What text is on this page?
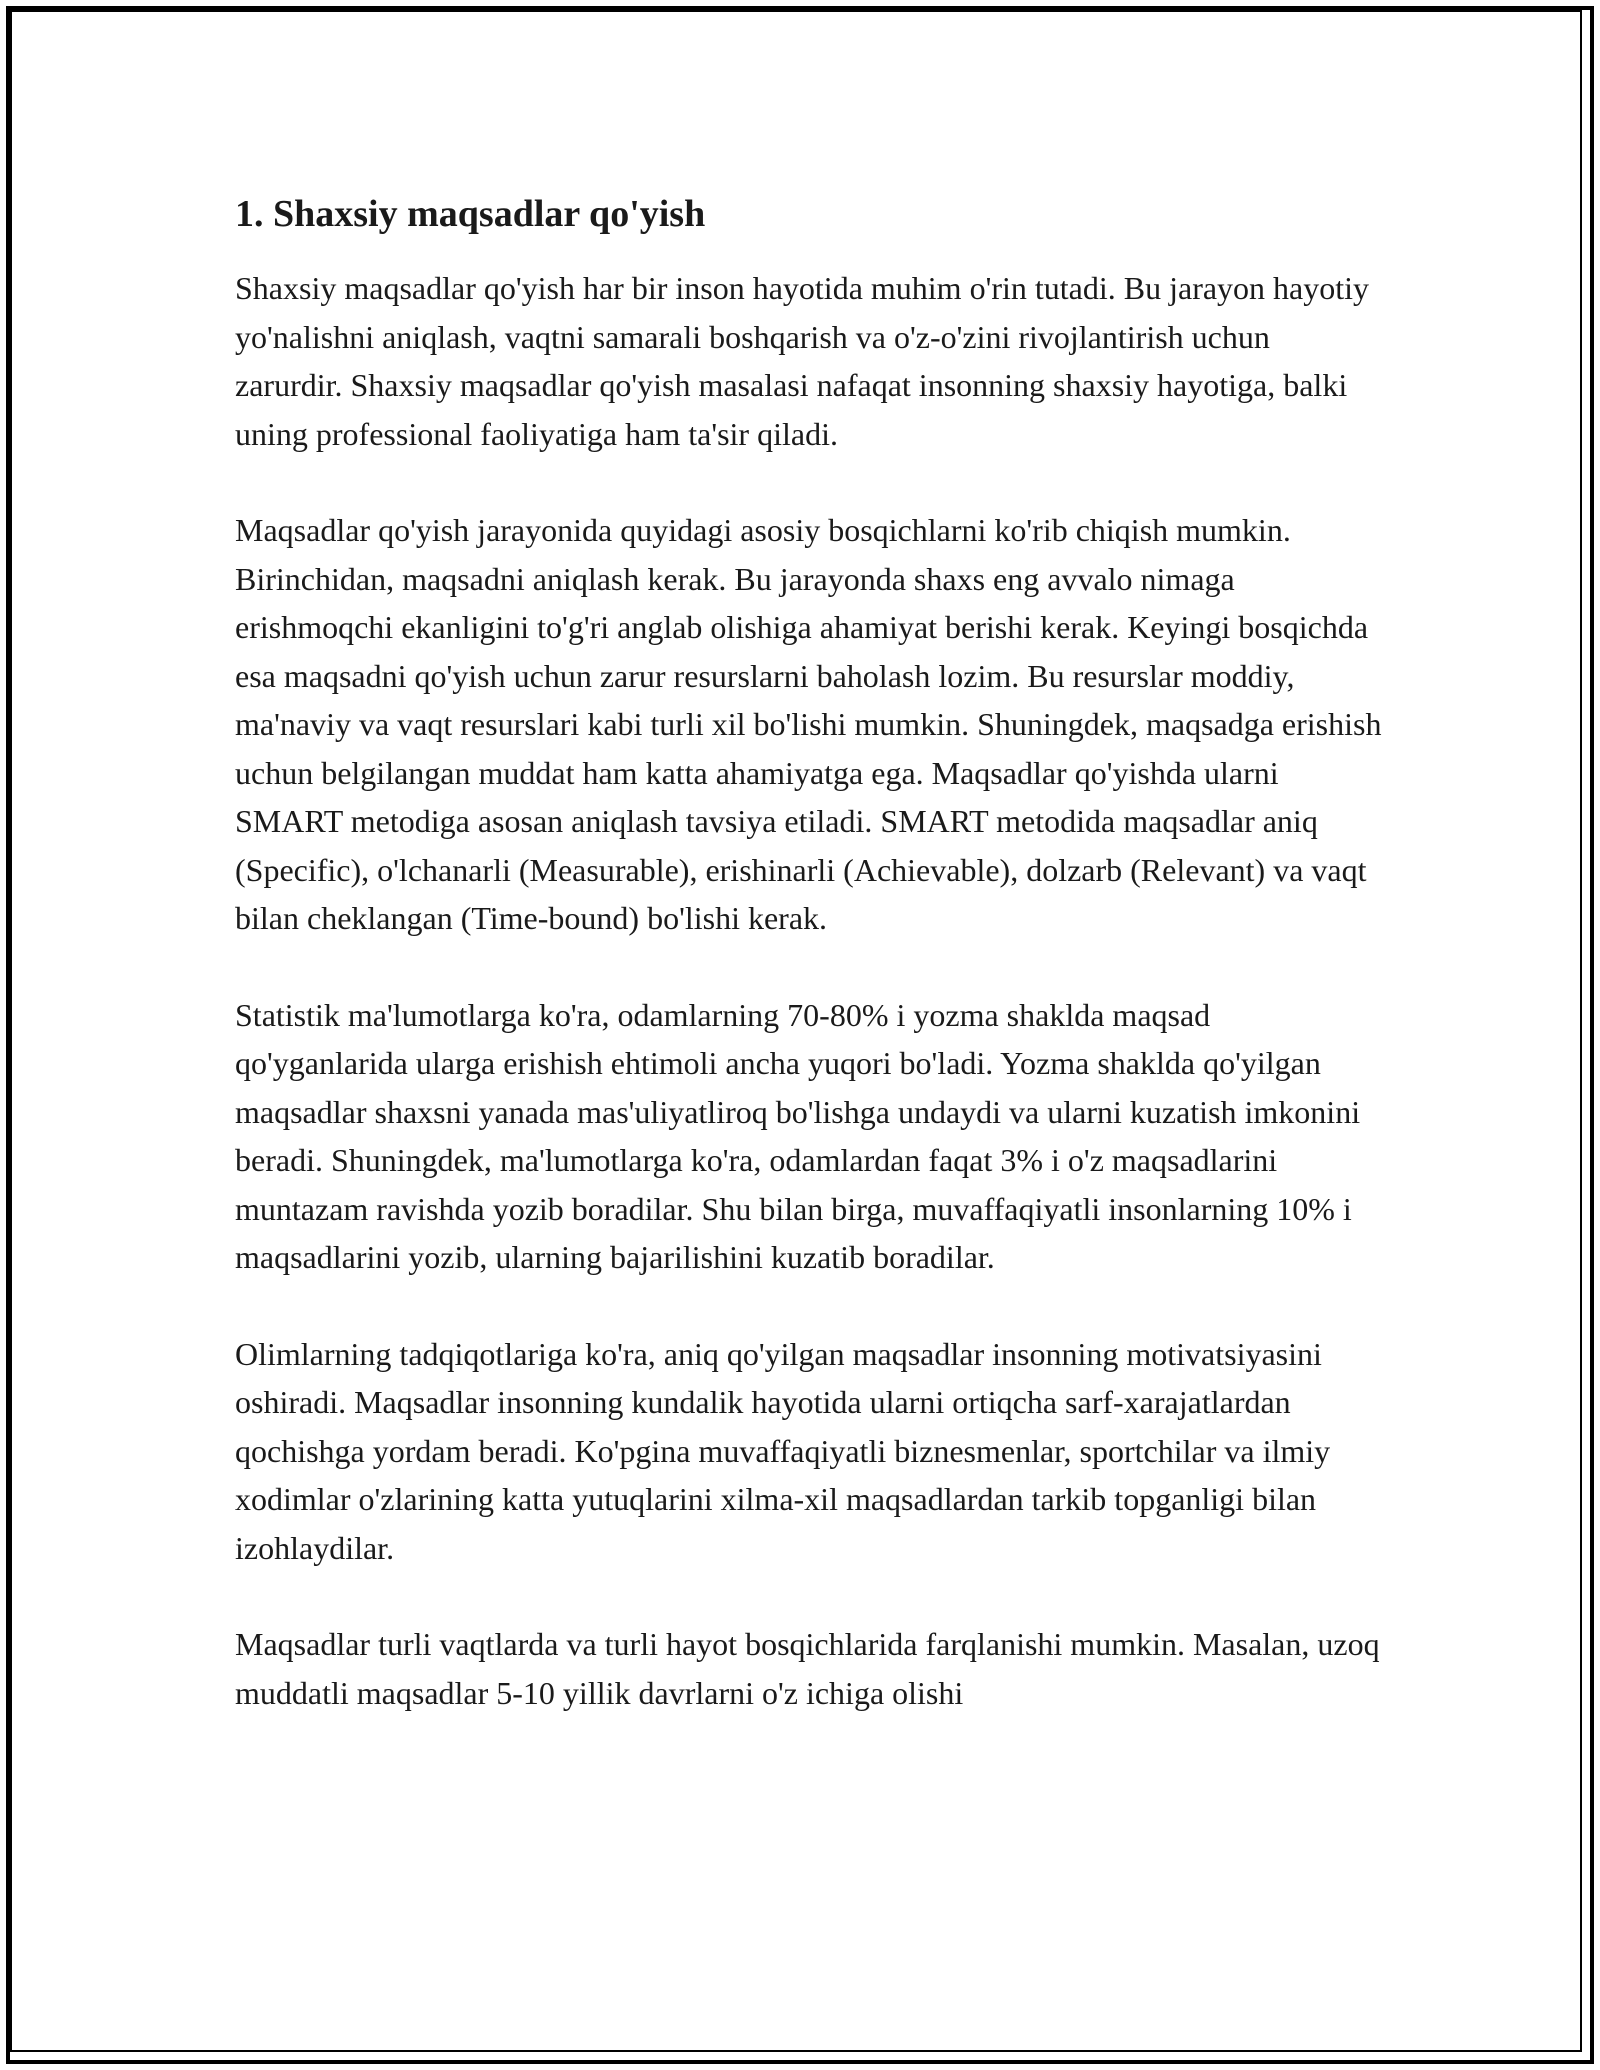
1. Shaxsiy maqsadlar qo'yish

Shaxsiy maqsadlar qo'yish har bir inson hayotida muhim o'rin tutadi. Bu jarayon hayotiy yo'nalishni aniqlash, vaqtni samarali boshqarish va o'z-o'zini rivojlantirish uchun zarurdir. Shaxsiy maqsadlar qo'yish masalasi nafaqat insonning shaxsiy hayotiga, balki uning professional faoliyatiga ham ta'sir qiladi.

Maqsadlar qo'yish jarayonida quyidagi asosiy bosqichlarni ko'rib chiqish mumkin. Birinchidan, maqsadni aniqlash kerak. Bu jarayonda shaxs eng avvalo nimaga erishmoqchi ekanligini to'g'ri anglab olishiga ahamiyat berishi kerak. Keyingi bosqichda esa maqsadni qo'yish uchun zarur resurslarni baholash lozim. Bu resurslar moddiy, ma'naviy va vaqt resurslari kabi turli xil bo'lishi mumkin. Shuningdek, maqsadga erishish uchun belgilangan muddat ham katta ahamiyatga ega. Maqsadlar qo'yishda ularni SMART metodiga asosan aniqlash tavsiya etiladi. SMART metodida maqsadlar aniq (Specific), o'lchanarli (Measurable), erishinarli (Achievable), dolzarb (Relevant) va vaqt bilan cheklangan (Time-bound) bo'lishi kerak.

Statistik ma'lumotlarga ko'ra, odamlarning 70-80% i yozma shaklda maqsad qo'yganlarida ularga erishish ehtimoli ancha yuqori bo'ladi. Yozma shaklda qo'yilgan maqsadlar shaxsni yanada mas'uliyatliroq bo'lishga undaydi va ularni kuzatish imkonini beradi. Shuningdek, ma'lumotlarga ko'ra, odamlardan faqat 3% i o'z maqsadlarini muntazam ravishda yozib boradilar. Shu bilan birga, muvaffaqiyatli insonlarning 10% i maqsadlarini yozib, ularning bajarilishini kuzatib boradilar.

Olimlarning tadqiqotlariga ko'ra, aniq qo'yilgan maqsadlar insonning motivatsiyasini oshiradi. Maqsadlar insonning kundalik hayotida ularni ortiqcha sarf-xarajatlardan qochishga yordam beradi. Ko'pgina muvaffaqiyatli biznesmenlar, sportchilar va ilmiy xodimlar o'zlarining katta yutuqlarini xilma-xil maqsadlardan tarkib topganligi bilan izohlaydilar.

Maqsadlar turli vaqtlarda va turli hayot bosqichlarida farqlanishi mumkin. Masalan, uzoq muddatli maqsadlar 5-10 yillik davrlarni o'z ichiga olishi
